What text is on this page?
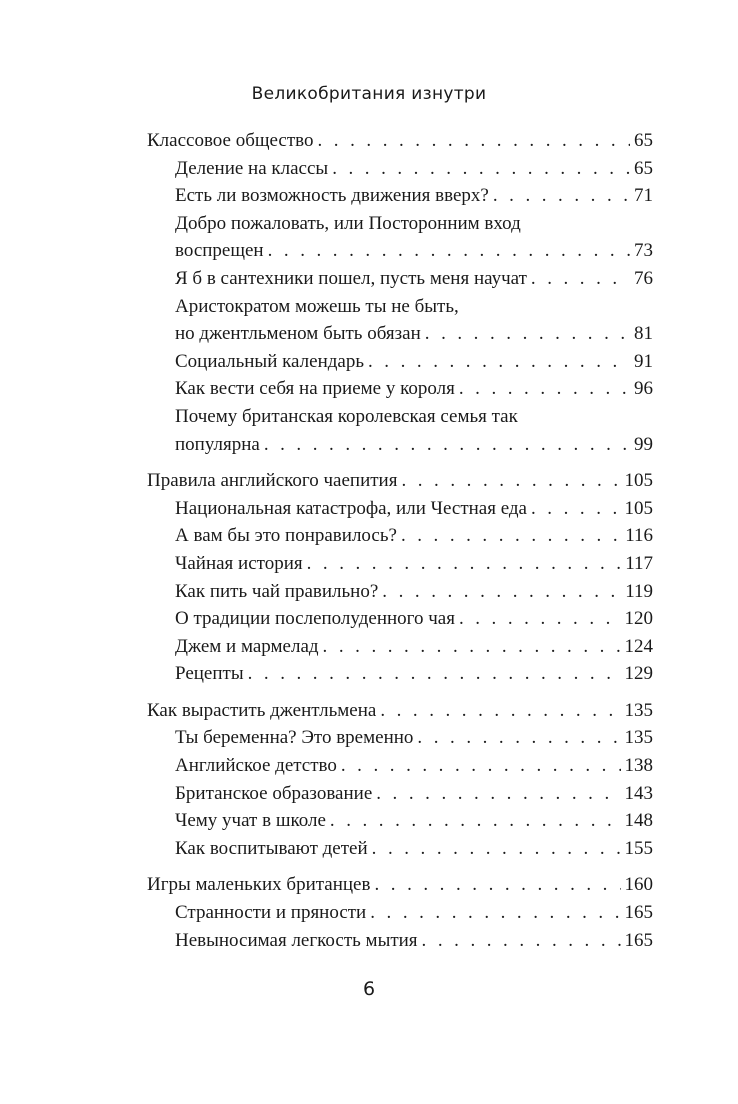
Великобритания изнутри
Классовое общество . . .	65
Деление на классы . . .	65
Есть ли возможность движения вверх? . . .	71
Добро пожаловать, или Посторонним вход
воспрещен . . .	73
Я б в сантехники пошел, пусть меня научат . . .	76
Аристократом можешь ты не быть,
но джентльменом быть обязан . . .	81
Социальный календарь . . .	91
Как вести себя на приеме у короля . . .	96
Почему британская королевская семья так
популярна . . .	99
Правила английского чаепития . . .	105
Национальная катастрофа, или Честная еда . . .	105
А вам бы это понравилось? . . .	116
Чайная история . . .	117
Как пить чай правильно? . . .	119
О традиции послеполуденного чая . . .	120
Джем и мармелад . . .	124
Рецепты . . .	129
Как вырастить джентльмена . . .	135
Ты беременна? Это временно . . .	135
Английское детство . . .	138
Британское образование . . .	143
Чему учат в школе . . .	148
Как воспитывают детей . . .	155
Игры маленьких британцев . . .	160
Странности и пряности . . .	165
Невыносимая легкость мытия . . .	165
6
